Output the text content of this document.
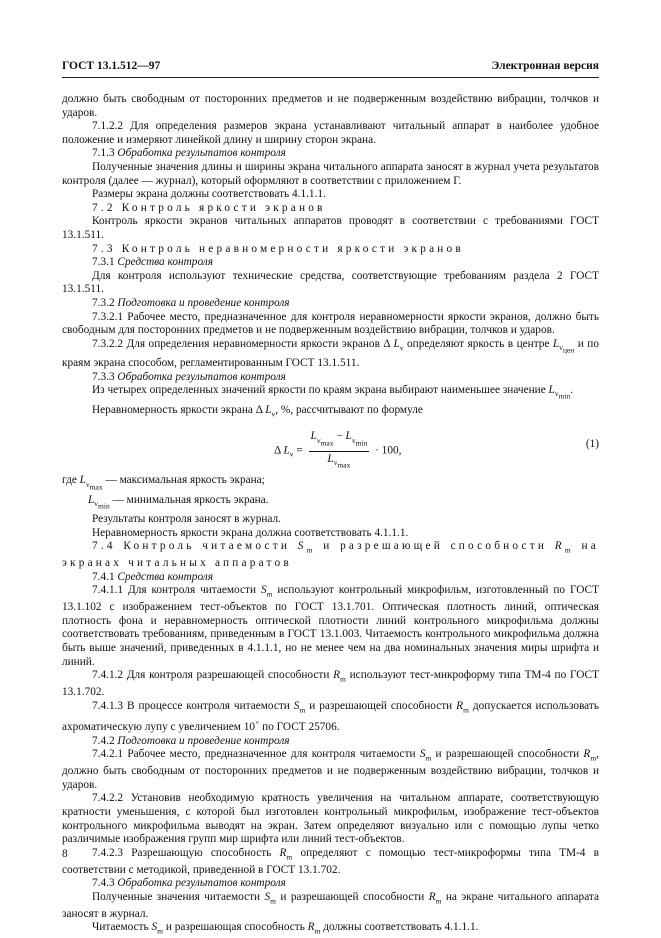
ГОСТ 13.1.512—97	Электронная версия

должно быть свободным от посторонних предметов и не подверженным воздействию вибрации, толчков и ударов.

7.1.2.2 Для определения размеров экрана устанавливают читальный аппарат в наиболее удобное положение и измеряют линейкой длину и ширину сторон экрана.

7.1.3 Обработка результатов контроля

Полученные значения длины и ширины экрана читального аппарата заносят в журнал учета результатов контроля (далее — журнал), который оформляют в соответствии с приложением Г.

Размеры экрана должны соответствовать 4.1.1.1.

7.2 Контроль яркости экранов

Контроль яркости экранов читальных аппаратов проводят в соответствии с требованиями ГОСТ 13.1.511.

7.3 Контроль неравномерности яркости экранов

7.3.1 Средства контроля

Для контроля используют технические средства, соответствующие требованиям раздела 2 ГОСТ 13.1.511.

7.3.2 Подготовка и проведение контроля

7.3.2.1 Рабочее место, предназначенное для контроля неравномерности яркости экранов, должно быть свободным для посторонних предметов и не подверженным воздействию вибрации, толчков и ударов.

7.3.2.2 Для определения неравномерности яркости экранов Δ $L_v$ определяют яркость в центре $L_{v_{цен}}$ и по краям экрана способом, регламентированным ГОСТ 13.1.511.

7.3.3 Обработка результатов контроля

Из четырех определенных значений яркости по краям экрана выбирают наименьшее значение $L_{v_{min}}$.

Неравномерность яркости экрана Δ $L_v$, %, рассчитывают по формуле

Δ $L_v = \frac{L_{v_{max}} - L_{v_{min}}}{L_{v_{max}}} \cdot 100$,
(1)

где $L_{v_{max}}$ — максимальная яркость экрана;

$L_{v_{min}}$ — минимальная яркость экрана.

Результаты контроля заносят в журнал.

Неравномерность яркости экрана должна соответствовать 4.1.1.1.

7.4 Контроль читаемости $S_m$ и разрешающей способности $R_m$ на экранах читальных аппаратов

7.4.1 Средства контроля

7.4.1.1 Для контроля читаемости $S_m$ используют контрольный микрофильм, изготовленный по ГОСТ 13.1.102 с изображением тест-объектов по ГОСТ 13.1.701. Оптическая плотность линий, оптическая плотность фона и неравномерность оптической плотности линий контрольного микрофильма должны соответствовать требованиям, приведенным в ГОСТ 13.1.003. Читаемость контрольного микрофильма должна быть выше значений, приведенных в 4.1.1.1, но не менее чем на два номинальных значения миры шрифта и линий.

7.4.1.2 Для контроля разрешающей способности $R_m$ используют тест-микроформу типа ТМ-4 по ГОСТ 13.1.702.

7.4.1.3 В процессе контроля читаемости $S_m$ и разрешающей способности $R_m$ допускается использовать ахроматическую лупу с увеличением 10× по ГОСТ 25706.

7.4.2 Подготовка и проведение контроля

7.4.2.1 Рабочее место, предназначенное для контроля читаемости $S_m$ и разрешающей способности $R_m$, должно быть свободным от посторонних предметов и не подверженным воздействию вибрации, толчков и ударов.

7.4.2.2 Установив необходимую кратность увеличения на читальном аппарате, соответствующую кратности уменьшения, с которой был изготовлен контрольный микрофильм, изображение тест-объектов контрольного микрофильма выводят на экран. Затем определяют визуально или с помощью лупы четко различимые изображения групп мир шрифта или линий тест-объектов.

7.4.2.3 Разрешающую способность $R_m$ определяют с помощью тест-микроформы типа ТМ-4 в соответствии с методикой, приведенной в ГОСТ 13.1.702.

7.4.3 Обработка результатов контроля

Полученные значения читаемости $S_m$ и разрешающей способности $R_m$ на экране читального аппарата заносят в журнал.

Читаемость $S_m$ и разрешающая способность $R_m$ должны соответствовать 4.1.1.1.

8
